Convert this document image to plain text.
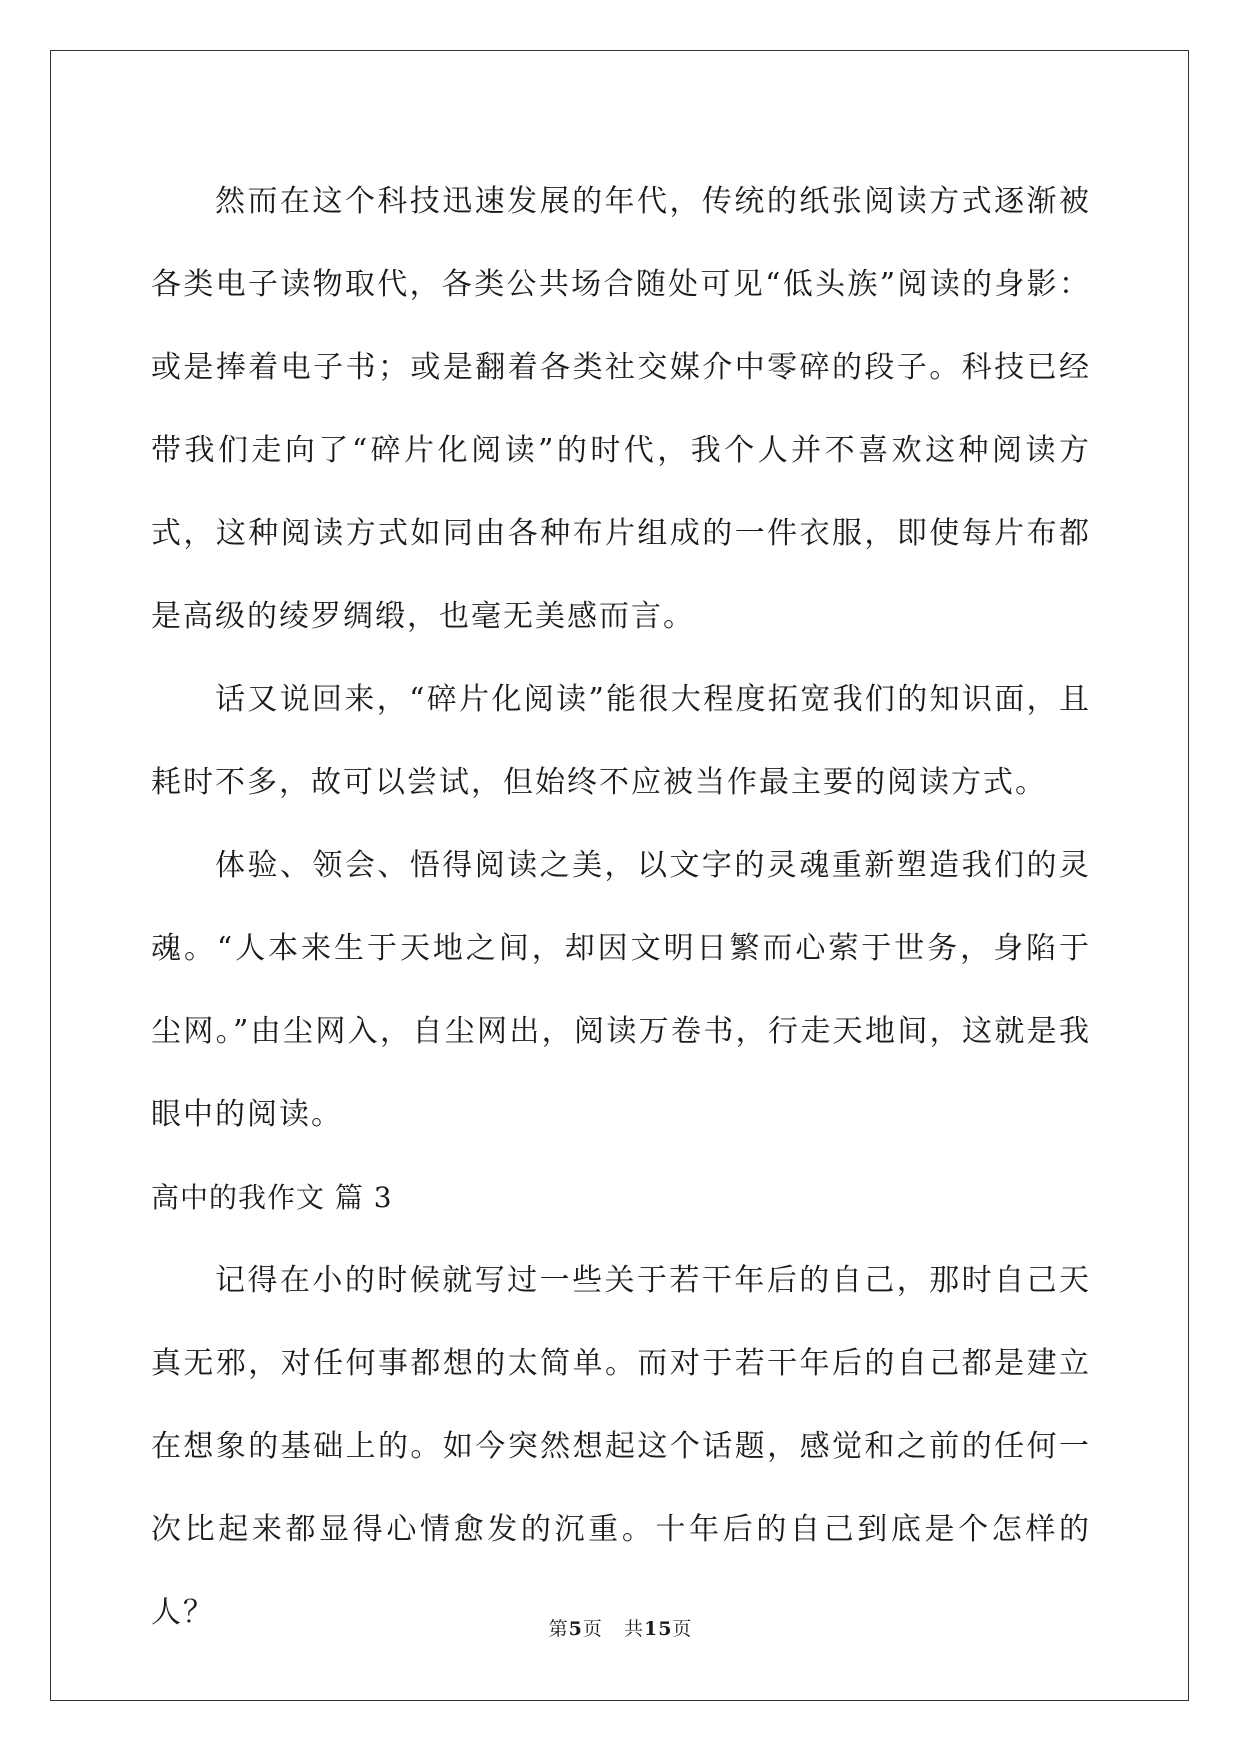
然而在这个科技迅速发展的年代，传统的纸张阅读方式逐渐被各类电子读物取代，各类公共场合随处可见“低头族”阅读的身影：或是捧着电子书；或是翻着各类社交媒介中零碎的段子。科技已经带我们走向了“碎片化阅读”的时代，我个人并不喜欢这种阅读方式，这种阅读方式如同由各种布片组成的一件衣服，即使每片布都是高级的绫罗绸缎，也毫无美感而言。

话又说回来，“碎片化阅读”能很大程度拓宽我们的知识面，且耗时不多，故可以尝试，但始终不应被当作最主要的阅读方式。

体验、领会、悟得阅读之美，以文字的灵魂重新塑造我们的灵魂。“人本来生于天地之间，却因文明日繁而心萦于世务，身陷于尘网。”由尘网入，自尘网出，阅读万卷书，行走天地间，这就是我眼中的阅读。

高中的我作文 篇 3

记得在小的时候就写过一些关于若干年后的自己，那时自己天真无邪，对任何事都想的太简单。而对于若干年后的自己都是建立在想象的基础上的。如今突然想起这个话题，感觉和之前的任何一次比起来都显得心情愈发的沉重。十年后的自己到底是个怎样的人？	第5页 共15页
